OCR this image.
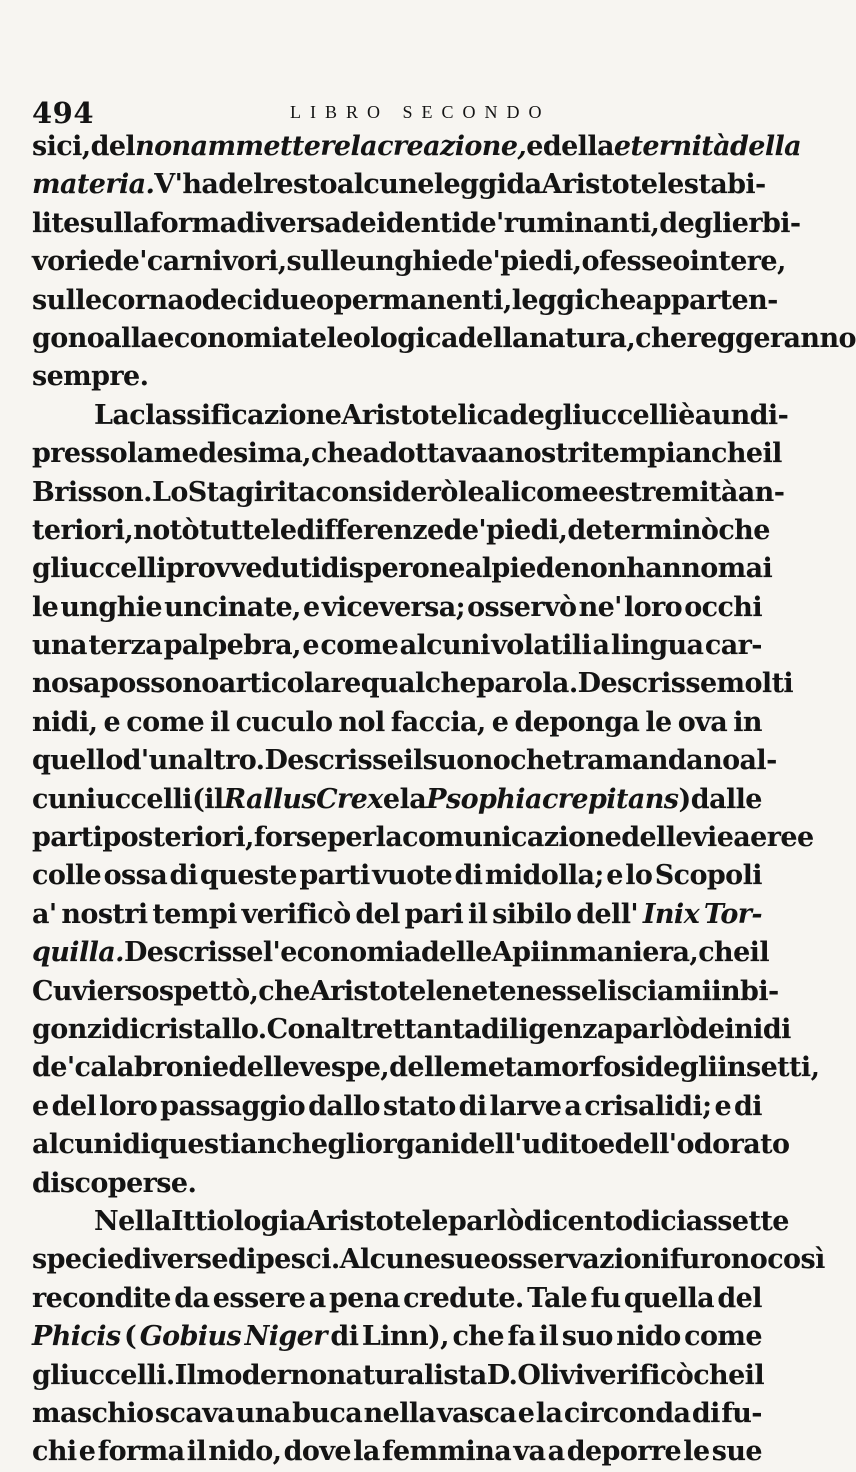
494	LIBRO SECONDO
sici, del non ammettere la creazione, e della eternità della
materia. V' ha del resto alcune leggi da Aristotele stabi-
lite sulla forma diversa dei denti de'ruminanti, degli erbi-
vori e de'carnivori, sulle unghie de'piedi, o fesse o intere,
sulle corna o decidue o permanenti, leggi che apparten-
gono alla economia teleologica della natura, che reggeranno
sempre.
La classificazione Aristotelica degli uccelli è a un di-
presso la medesima, che adottava a nostri tempi anche il
Brisson. Lo Stagirita considerò le ali come estremità an-
teriori, notò tutte le differenze de' piedi, determinò che
gli uccelli provveduti di sperone al piede non hanno mai
le unghie uncinate, e viceversa; osservò ne' loro occhi
una terza palpebra, e come alcuni volatili a lingua car-
nosa possono articolare qualche parola. Descrisse molti
nidi, e come il cuculo nol faccia, e deponga le ova in
quello d' un altro. Descrisse il suono che tramandano al-
cuni uccelli (il Rallus Crex e la Psophia crepitans ) dalle
parti posteriori, forse per la comunicazione delle vie aeree
colle ossa di queste parti vuote di midolla; e lo Scopoli
a' nostri tempi verificò del pari il sibilo dell' Inix Tor-
quilla. Descrisse l' economia delle Api in maniera, che il
Cuvier sospettò, che Aristotele ne tenesse li sciami in bi-
gonzi di cristallo. Con altrettanta diligenza parlò dei nidi
de' calabroni e delle vespe, delle metamorfosi degli insetti,
e del loro passaggio dallo stato di larve a crisalidi; e di
alcuni di questi anche gli organi dell'udito e dell' odorato
discoperse.
Nella Ittiologia Aristotele parlò di centodiciassette
specie diverse di pesci. Alcune sue osservazioni furono così
recondite da essere a pena credute. Tale fu quella del
Phicis ( Gobius Niger di Linn), che fa il suo nido come
gli uccelli. Il moderno naturalista D. Olivi verificò che il
maschio scava una buca nella vasca e la circonda di fu-
chi e forma il nido, dove la femmina va a deporre le sue
